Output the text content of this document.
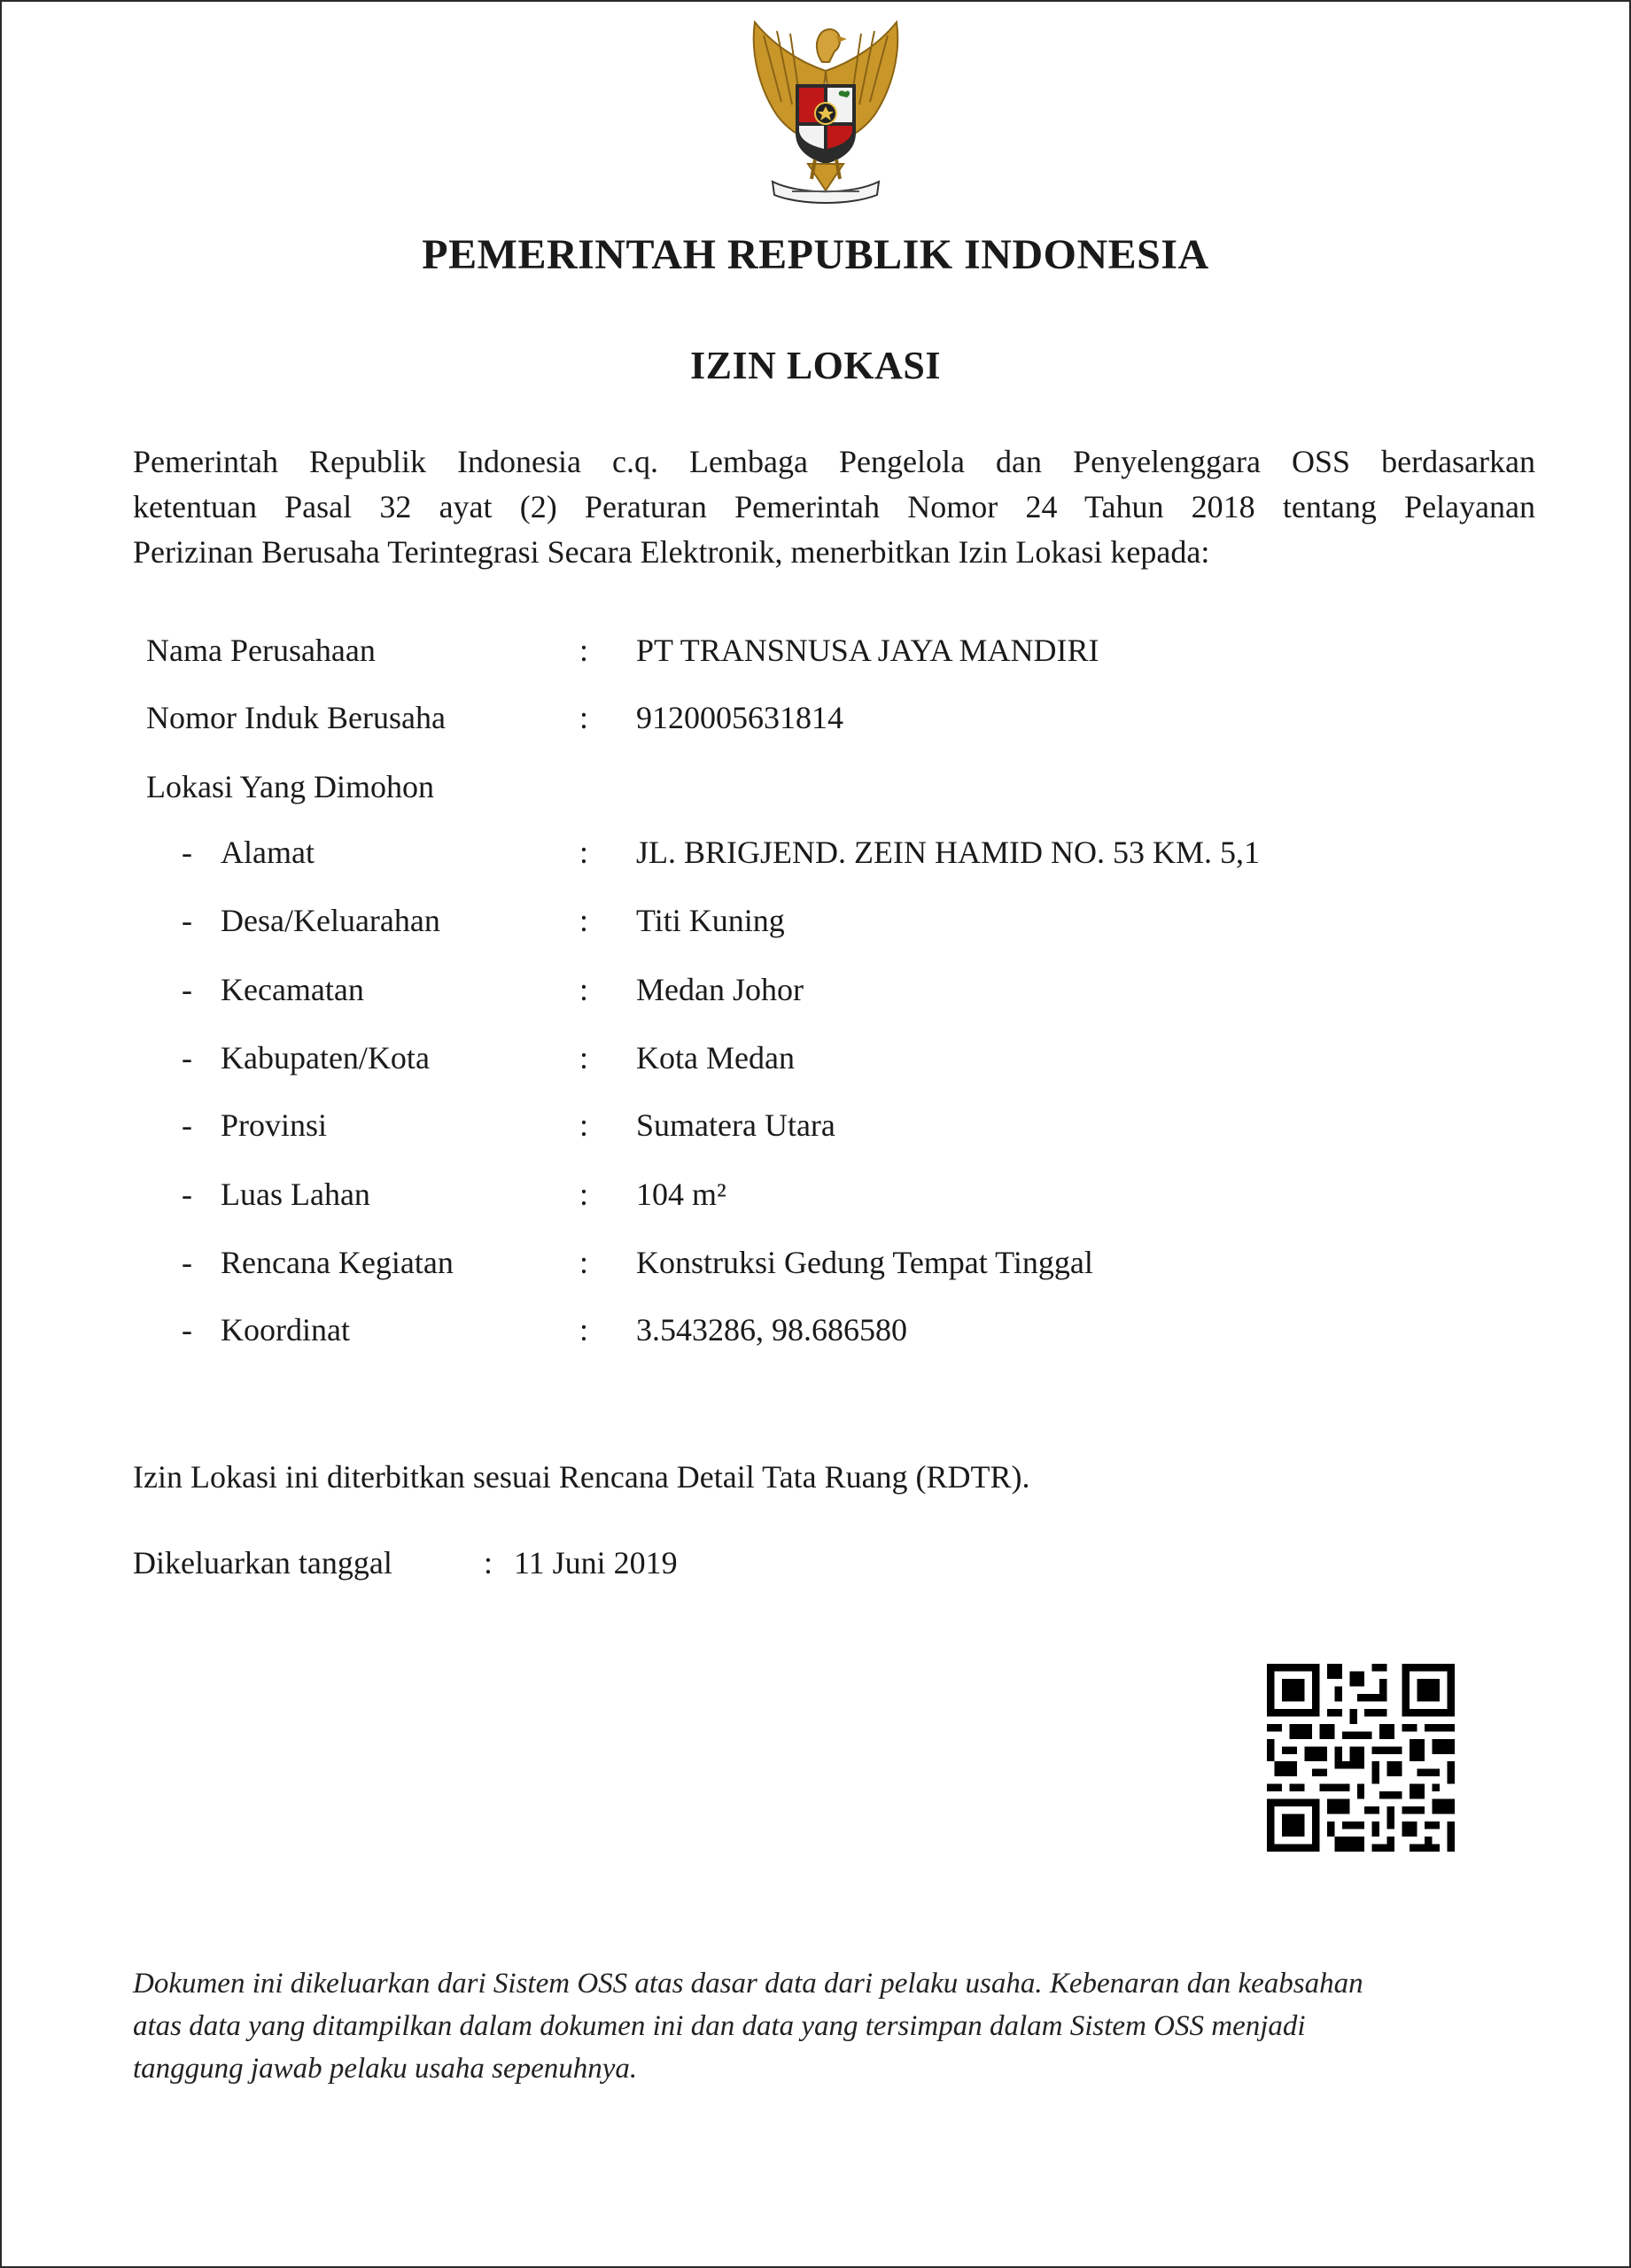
PEMERINTAH REPUBLIK INDONESIA
IZIN LOKASI
Pemerintah Republik Indonesia c.q. Lembaga Pengelola dan Penyelenggara OSS berdasarkan
ketentuan Pasal 32 ayat (2) Peraturan Pemerintah Nomor 24 Tahun 2018 tentang Pelayanan
Perizinan Berusaha Terintegrasi Secara Elektronik, menerbitkan Izin Lokasi kepada:
Nama Perusahaan	: PT TRANSNUSA JAYA MANDIRI
Nomor Induk Berusaha	: 9120005631814
Lokasi Yang Dimohon
- Alamat	: JL. BRIGJEND. ZEIN HAMID NO. 53 KM. 5,1
- Desa/Keluarahan	: Titi Kuning
- Kecamatan	: Medan Johor
- Kabupaten/Kota	: Kota Medan
- Provinsi	: Sumatera Utara
- Luas Lahan	: 104 m²
- Rencana Kegiatan	: Konstruksi Gedung Tempat Tinggal
- Koordinat	: 3.543286, 98.686580
Izin Lokasi ini diterbitkan sesuai Rencana Detail Tata Ruang (RDTR).
Dikeluarkan tanggal	: 11 Juni 2019
Dokumen ini dikeluarkan dari Sistem OSS atas dasar data dari pelaku usaha. Kebenaran dan keabsahan
atas data yang ditampilkan dalam dokumen ini dan data yang tersimpan dalam Sistem OSS menjadi
tanggung jawab pelaku usaha sepenuhnya.
